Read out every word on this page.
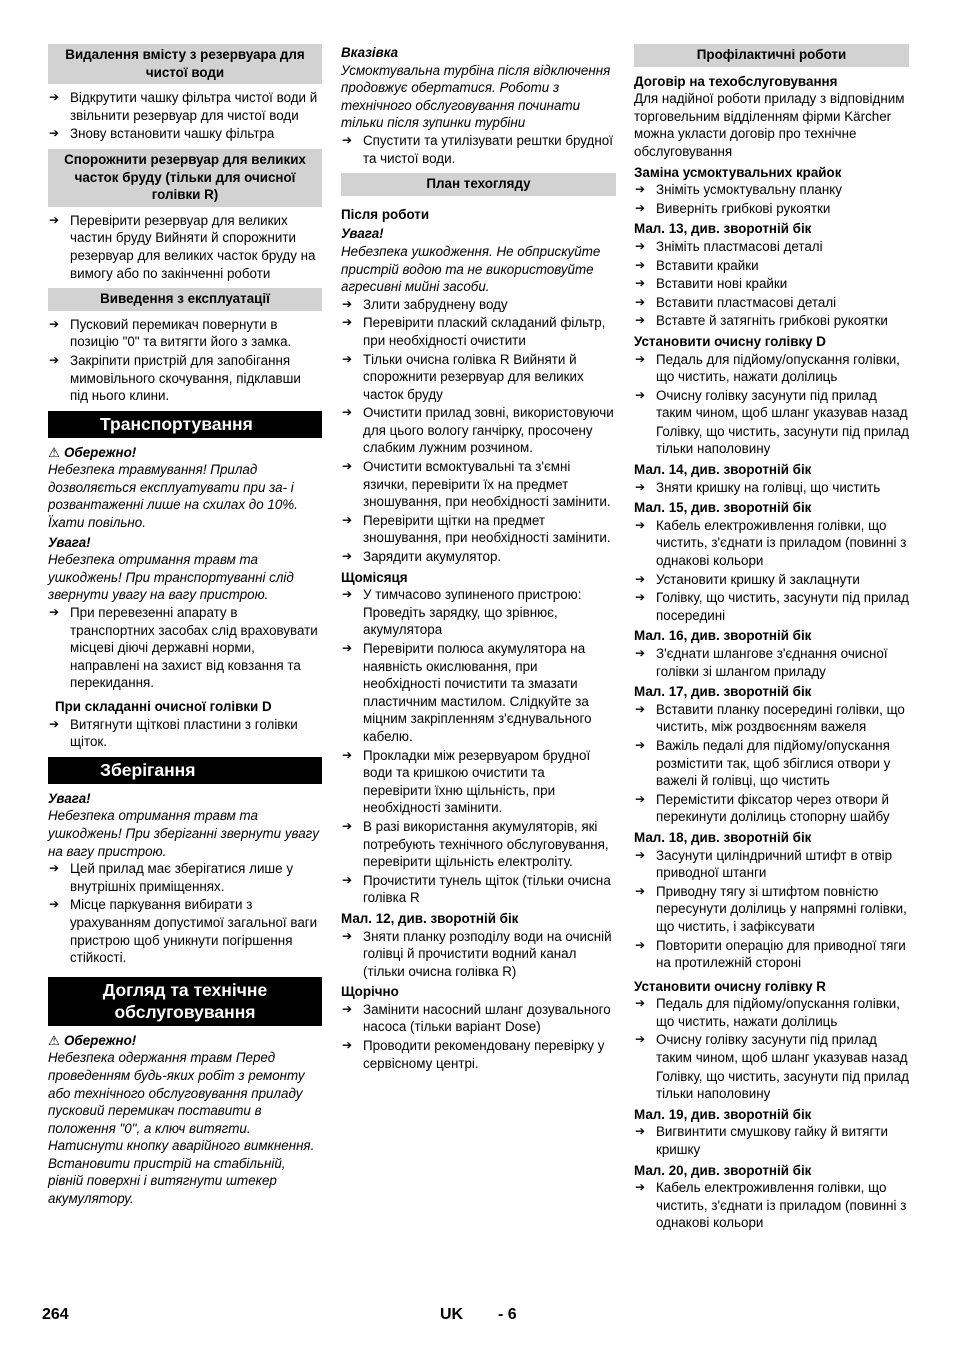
Видалення вмісту з резервуара для чистої води
➔ Відкрутити чашку фільтра чистої води й звільнити резервуар для чистої води
➔ Знову встановити чашку фільтра
Спорожнити резервуар для великих часток бруду (тільки для очисної голівки R)
➔ Перевірити резервуар для великих частин бруду Вийняти й спорожнити резервуар для великих часток бруду на вимогу або по закінченні роботи
Виведення з експлуатації
➔ Пусковий перемикач повернути в позицію "0" та витягти його з замка.
➔ Закріпити пристрій для запобігання мимовільного скочування, підклавши під нього клини.
Транспортування
⚠ Обережно!
Небезпека травмування! Прилад дозволяється експлуатувати при за- і розвантаженні лише на схилах до 10%. Їхати повільно.
Увага!
Небезпека отримання травм та ушкоджень! При транспортуванні слід звернути увагу на вагу пристрою.
➔ При перевезенні апарату в транспортних засобах слід враховувати місцеві діючі державні норми, направлені на захист від ковзання та перекидання.
При складанні очисної голівки D
➔ Витягнути щіткові пластини з голівки щіток.
Зберігання
Увага!
Небезпека отримання травм та ушкоджень! При зберіганні звернути увагу на вагу пристрою.
➔ Цей прилад має зберігатися лише у внутрішніх приміщеннях.
➔ Місце паркування вибирати з урахуванням допустимої загальної ваги пристрою щоб уникнути погіршення стійкості.
Догляд та технічне обслуговування
⚠ Обережно!
Небезпека одержання травм Перед проведенням будь-яких робіт з ремонту або технічного обслуговування приладу пусковий перемикач поставити в положення "0", а ключ витягти. Натиснути кнопку аварійного вимкнення.
Встановити пристрій на стабільній, рівній поверхні і витягнути штекер акумулятору.
Вказівка
Усмоктувальна турбіна після відключення продовжує обертатися. Роботи з технічного обслуговування починати тільки після зупинки турбіни
➔ Спустити та утилізувати рештки брудної та чистої води.
План техогляду
Після роботи
Увага!
Небезпека ушкодження. Не обприскуйте пристрій водою та не використовуйте агресивні мийні засоби.
➔ Злити забруднену воду
➔ Перевірити плаский складаний фільтр, при необхідності очистити
➔ Тільки очисна голівка R Вийняти й спорожнити резервуар для великих часток бруду
➔ Очистити прилад зовні, використовуючи для цього вологу ганчірку, просочену слабким лужним розчином.
➔ Очистити всмоктувальні та з'ємні язички, перевірити їх на предмет зношування, при необхідності замінити.
➔ Перевірити щітки на предмет зношування, при необхідності замінити.
➔ Зарядити акумулятор.
Щомісяця
➔ У тимчасово зупиненого пристрою: Проведіть зарядку, що зрівнює, акумулятора
➔ Перевірити полюса акумулятора на наявність окислювання, при необхідності почистити та змазати пластичним мастилом. Слідкуйте за міцним закріпленням з'єднувального кабелю.
➔ Прокладки між резервуаром брудної води та кришкою очистити та перевірити їхню щільність, при необхідності замінити.
➔ В разі використання акумуляторів, які потребують технічного обслуговування, перевірити щільність електроліту.
➔ Прочистити тунель щіток (тільки очисна голівка R
Мал. 12, див. зворотній бік
➔ Зняти планку розподілу води на очисній голівці й прочистити водний канал (тільки очисна голівка R)
Щорічно
➔ Замінити насосний шланг дозувального насоса (тільки варіант Dose)
➔ Проводити рекомендовану перевірку у сервісному центрі.
Профілактичні роботи
Договір на техобслуговування
Для надійної роботи приладу з відповідним торговельним відділенням фірми Kärcher можна укласти договір про технічне обслуговування
Заміна усмоктувальних крайок
➔ Зніміть усмоктувальну планку
➔ Виверніть грибкові рукоятки
Мал. 13, див. зворотній бік
➔ Зніміть пластмасові деталі
➔ Вставити крайки
➔ Вставити нові крайки
➔ Вставити пластмасові деталі
➔ Вставте й затягніть грибкові рукоятки
Установити очисну голівку D
➔ Педаль для підйому/опускання голівки, що чистить, нажати долілиць
➔ Очисну голівку засунути під прилад таким чином, щоб шланг указував назад
Голівку, що чистить, засунути під прилад тільки наполовину
Мал. 14, див. зворотній бік
➔ Зняти кришку на голівці, що чистить
Мал. 15, див. зворотній бік
➔ Кабель електроживлення голівки, що чистить, з'єднати із приладом (повинні з однакові кольори
➔ Установити кришку й заклацнути
➔ Голівку, що чистить, засунути під прилад посередині
Мал. 16, див. зворотній бік
➔ З'єднати шлангове з'єднання очисної голівки зі шлангом приладу
Мал. 17, див. зворотній бік
➔ Вставити планку посередині голівки, що чистить, між роздвоєнням важеля
➔ Важіль педалі для підйому/опускання розмістити так, щоб збіглися отвори у важелі й голівці, що чистить
➔ Перемістити фіксатор через отвори й перекинути долілиць стопорну шайбу
Мал. 18, див. зворотній бік
➔ Засунути циліндричний штифт в отвір приводної штанги
➔ Приводну тягу зі штифтом повністю пересунути долілиць у напрямні голівки, що чистить, і зафіксувати
➔ Повторити операцію для приводної тяги на протилежній стороні
Установити очисну голівку R
➔ Педаль для підйому/опускання голівки, що чистить, нажати долілиць
➔ Очисну голівку засунути під прилад таким чином, щоб шланг указував назад
Голівку, що чистить, засунути під прилад тільки наполовину
Мал. 19, див. зворотній бік
➔ Вигвинтити смушкову гайку й витягти кришку
Мал. 20, див. зворотній бік
➔ Кабель електроживлення голівки, що чистить, з'єднати із приладом (повинні з однакові кольори
264	UK - 6
